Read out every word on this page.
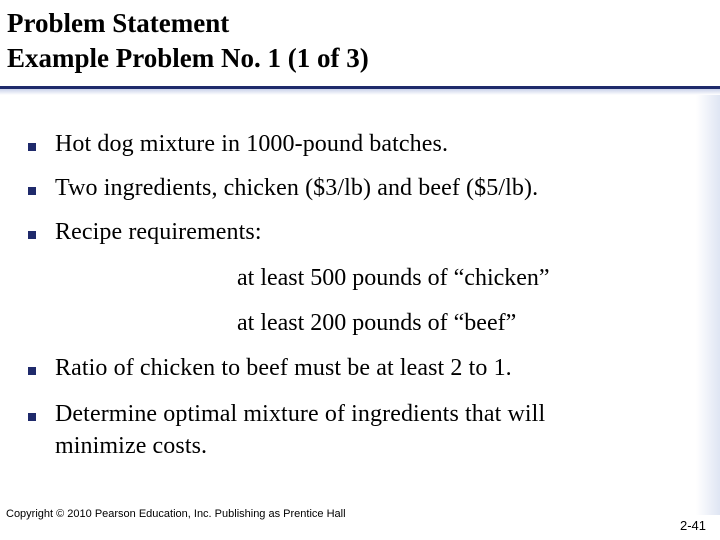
Problem Statement
Example Problem No. 1 (1 of 3)
Hot dog mixture in 1000-pound batches.
Two ingredients, chicken ($3/lb) and beef ($5/lb).
Recipe requirements:
at least 500 pounds of “chicken”
at least 200 pounds of “beef”
Ratio of chicken to beef must be at least 2 to 1.
Determine optimal mixture of ingredients that will minimize costs.
Copyright © 2010 Pearson Education, Inc. Publishing as Prentice Hall
2-41
